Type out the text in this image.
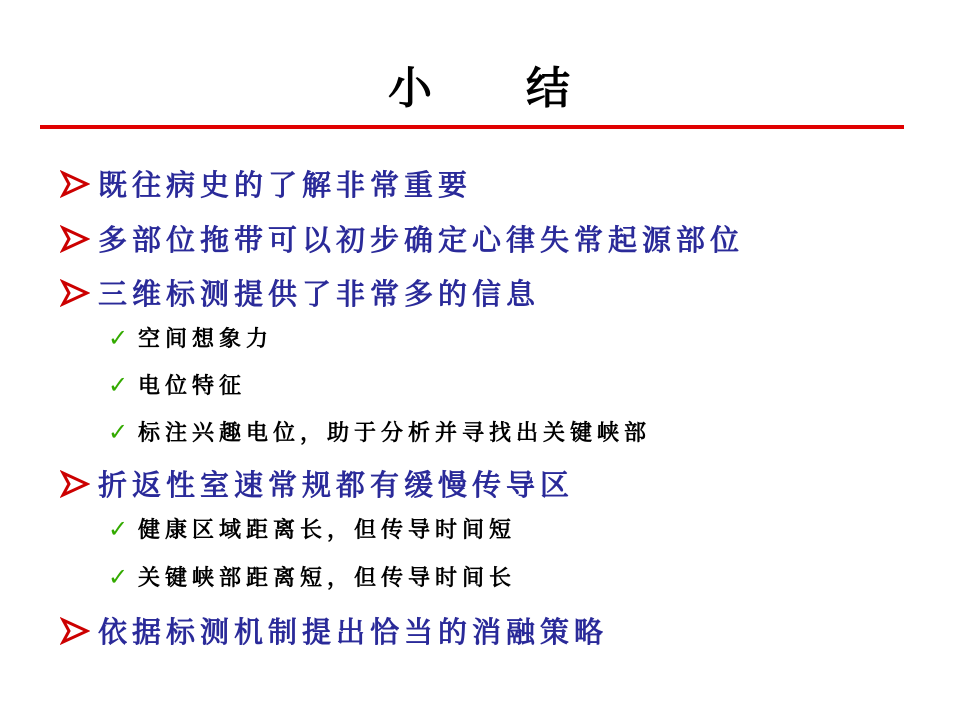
小　　结
既往病史的了解非常重要
多部位拖带可以初步确定心律失常起源部位
三维标测提供了非常多的信息
✓ 空间想象力
✓ 电位特征
✓ 标注兴趣电位，助于分析并寻找出关键峡部
折返性室速常规都有缓慢传导区
✓ 健康区域距离长，但传导时间短
✓ 关键峡部距离短，但传导时间长
依据标测机制提出恰当的消融策略
